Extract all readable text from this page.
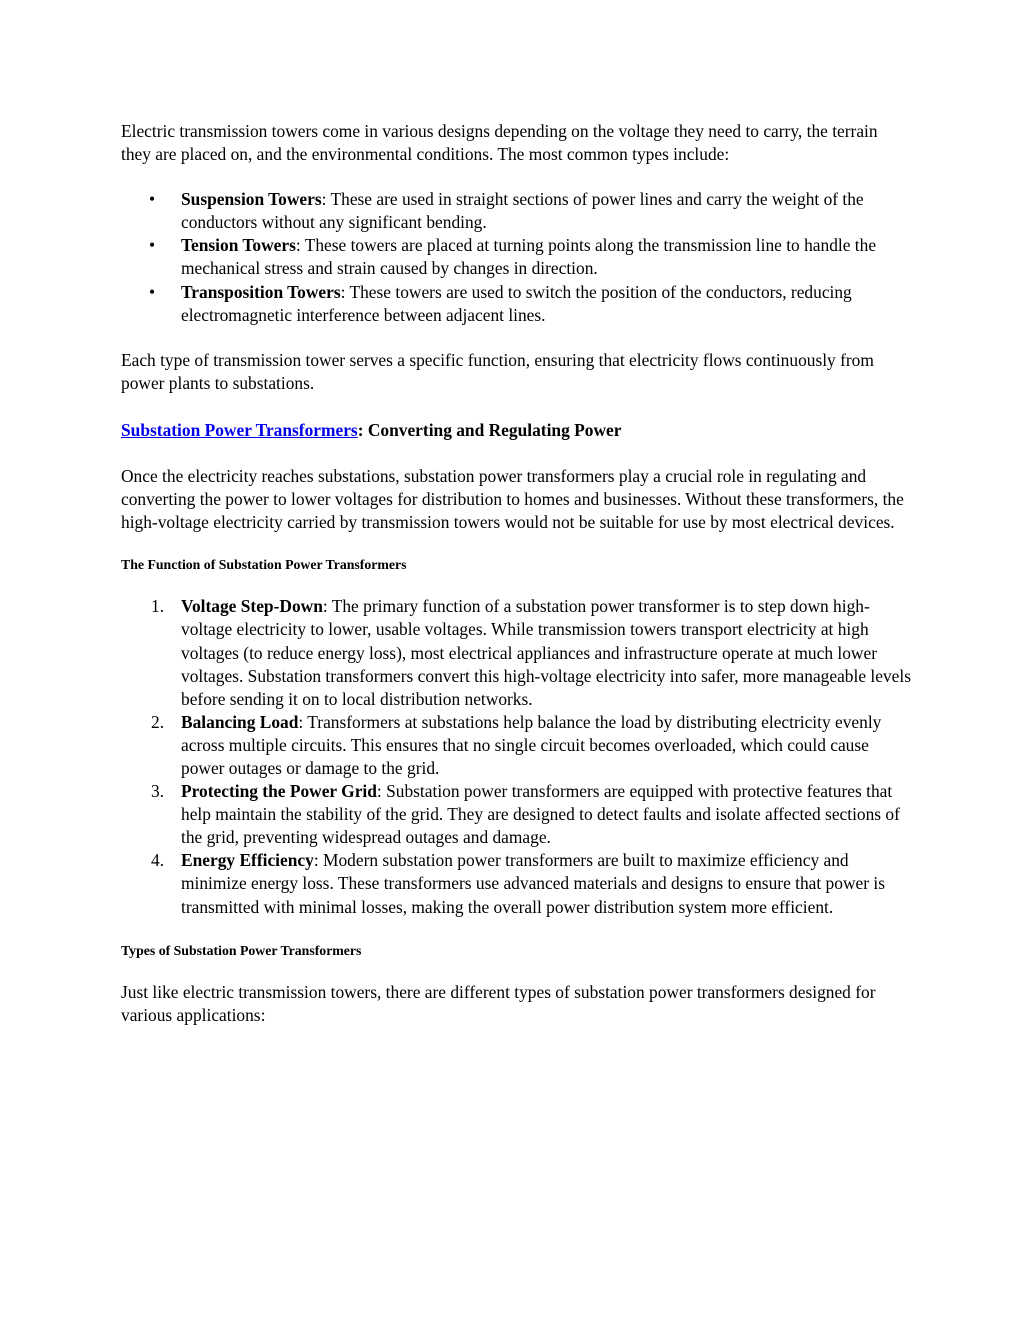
Electric transmission towers come in various designs depending on the voltage they need to carry, the terrain they are placed on, and the environmental conditions. The most common types include:

• Suspension Towers: These are used in straight sections of power lines and carry the weight of the conductors without any significant bending.
• Tension Towers: These towers are placed at turning points along the transmission line to handle the mechanical stress and strain caused by changes in direction.
• Transposition Towers: These towers are used to switch the position of the conductors, reducing electromagnetic interference between adjacent lines.

Each type of transmission tower serves a specific function, ensuring that electricity flows continuously from power plants to substations.

Substation Power Transformers: Converting and Regulating Power

Once the electricity reaches substations, substation power transformers play a crucial role in regulating and converting the power to lower voltages for distribution to homes and businesses. Without these transformers, the high-voltage electricity carried by transmission towers would not be suitable for use by most electrical devices.

The Function of Substation Power Transformers
1. Voltage Step-Down: The primary function of a substation power transformer is to step down high-voltage electricity to lower, usable voltages. While transmission towers transport electricity at high voltages (to reduce energy loss), most electrical appliances and infrastructure operate at much lower voltages. Substation transformers convert this high-voltage electricity into safer, more manageable levels before sending it on to local distribution networks.
2. Balancing Load: Transformers at substations help balance the load by distributing electricity evenly across multiple circuits. This ensures that no single circuit becomes overloaded, which could cause power outages or damage to the grid.
3. Protecting the Power Grid: Substation power transformers are equipped with protective features that help maintain the stability of the grid. They are designed to detect faults and isolate affected sections of the grid, preventing widespread outages and damage.
4. Energy Efficiency: Modern substation power transformers are built to maximize efficiency and minimize energy loss. These transformers use advanced materials and designs to ensure that power is transmitted with minimal losses, making the overall power distribution system more efficient.
Types of Substation Power Transformers

Just like electric transmission towers, there are different types of substation power transformers designed for various applications:
